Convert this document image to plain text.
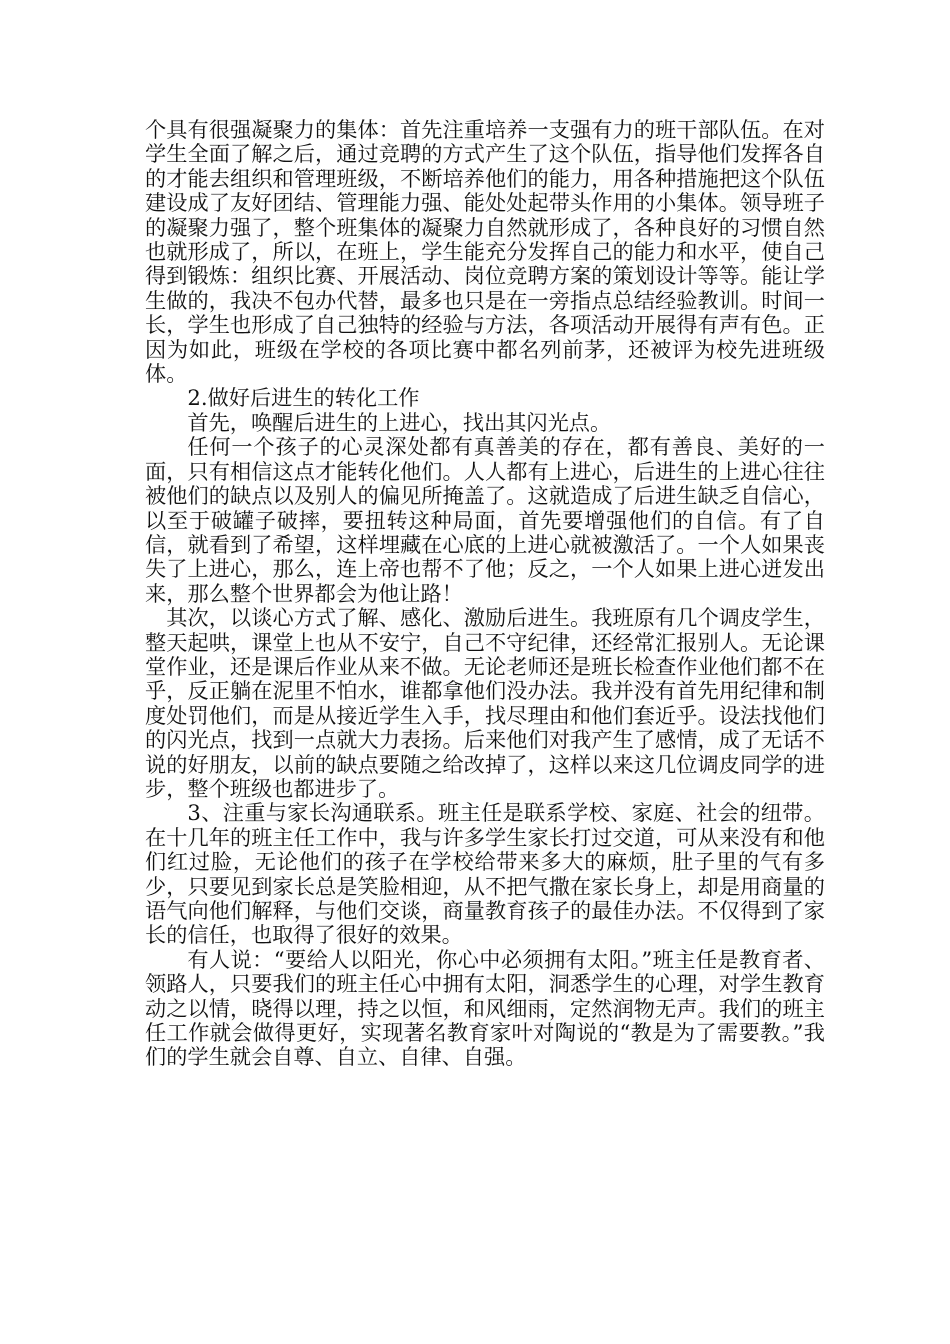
个具有很强凝聚力的集体：首先注重培养一支强有力的班干部队伍。在对学生全面了解之后，通过竞聘的方式产生了这个队伍，指导他们发挥各自的才能去组织和管理班级，不断培养他们的能力，用各种措施把这个队伍建设成了友好团结、管理能力强、能处处起带头作用的小集体。领导班子的凝聚力强了，整个班集体的凝聚力自然就形成了，各种良好的习惯自然也就形成了，所以，在班上，学生能充分发挥自己的能力和水平，使自己得到锻炼：组织比赛、开展活动、岗位竞聘方案的策划设计等等。能让学生做的，我决不包办代替，最多也只是在一旁指点总结经验教训。时间一长，学生也形成了自己独特的经验与方法，各项活动开展得有声有色。正因为如此，班级在学校的各项比赛中都名列前茅，还被评为校先进班级体。

2.做好后进生的转化工作

首先，唤醒后进生的上进心，找出其闪光点。

任何一个孩子的心灵深处都有真善美的存在，都有善良、美好的一面，只有相信这点才能转化他们。人人都有上进心，后进生的上进心往往被他们的缺点以及别人的偏见所掩盖了。这就造成了后进生缺乏自信心，以至于破罐子破摔，要扭转这种局面，首先要增强他们的自信。有了自信，就看到了希望，这样埋藏在心底的上进心就被激活了。一个人如果丧失了上进心，那么，连上帝也帮不了他；反之，一个人如果上进心迸发出来，那么整个世界都会为他让路！

其次，以谈心方式了解、感化、激励后进生。我班原有几个调皮学生，整天起哄，课堂上也从不安宁，自己不守纪律，还经常汇报别人。无论课堂作业，还是课后作业从来不做。无论老师还是班长检查作业他们都不在乎，反正躺在泥里不怕水，谁都拿他们没办法。我并没有首先用纪律和制度处罚他们，而是从接近学生入手，找尽理由和他们套近乎。设法找他们的闪光点，找到一点就大力表扬。后来他们对我产生了感情，成了无话不说的好朋友，以前的缺点要随之给改掉了，这样以来这几位调皮同学的进步，整个班级也都进步了。

3、注重与家长沟通联系。班主任是联系学校、家庭、社会的纽带。在十几年的班主任工作中，我与许多学生家长打过交道，可从来没有和他们红过脸，无论他们的孩子在学校给带来多大的麻烦，肚子里的气有多少，只要见到家长总是笑脸相迎，从不把气撒在家长身上，却是用商量的语气向他们解释，与他们交谈，商量教育孩子的最佳办法。不仅得到了家长的信任，也取得了很好的效果。

有人说：“要给人以阳光，你心中必须拥有太阳。”班主任是教育者、领路人，只要我们的班主任心中拥有太阳，洞悉学生的心理，对学生教育动之以情，晓得以理，持之以恒，和风细雨，定然润物无声。我们的班主任工作就会做得更好，实现著名教育家叶对陶说的“教是为了需要教。”我们的学生就会自尊、自立、自律、自强。
